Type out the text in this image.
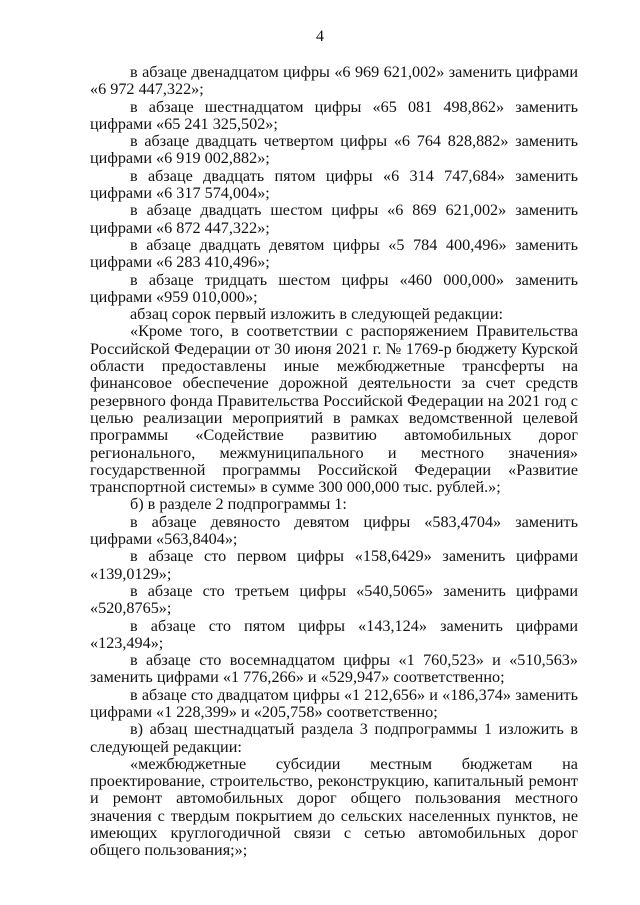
4

в абзаце двенадцатом цифры «6 969 621,002» заменить цифрами «6 972 447,322»;

в абзаце шестнадцатом цифры «65 081 498,862» заменить цифрами «65 241 325,502»;

в абзаце двадцать четвертом цифры «6 764 828,882» заменить цифрами «6 919 002,882»;

в абзаце двадцать пятом цифры «6 314 747,684» заменить цифрами «6 317 574,004»;

в абзаце двадцать шестом цифры «6 869 621,002» заменить цифрами «6 872 447,322»;

в абзаце двадцать девятом цифры «5 784 400,496» заменить цифрами «6 283 410,496»;

в абзаце тридцать шестом цифры «460 000,000» заменить цифрами «959 010,000»;

абзац сорок первый изложить в следующей редакции:

«Кроме того, в соответствии с распоряжением Правительства Российской Федерации от 30 июня 2021 г. № 1769-р бюджету Курской области предоставлены иные межбюджетные трансферты на финансовое обеспечение дорожной деятельности за счет средств резервного фонда Правительства Российской Федерации на 2021 год с целью реализации мероприятий в рамках ведомственной целевой программы «Содействие развитию автомобильных дорог регионального, межмуниципального и местного значения» государственной программы Российской Федерации «Развитие транспортной системы» в сумме 300 000,000 тыс. рублей.»;

б) в разделе 2 подпрограммы 1:

в абзаце девяносто девятом цифры «583,4704» заменить цифрами «563,8404»;

в абзаце сто первом цифры «158,6429» заменить цифрами «139,0129»;

в абзаце сто третьем цифры «540,5065» заменить цифрами «520,8765»;

в абзаце сто пятом цифры «143,124» заменить цифрами «123,494»;

в абзаце сто восемнадцатом цифры «1 760,523» и «510,563» заменить цифрами «1 776,266» и «529,947» соответственно;

в абзаце сто двадцатом цифры «1 212,656» и «186,374» заменить цифрами «1 228,399» и «205,758» соответственно;

в) абзац шестнадцатый раздела 3 подпрограммы 1 изложить в следующей редакции:

«межбюджетные субсидии местным бюджетам на проектирование, строительство, реконструкцию, капитальный ремонт и ремонт автомобильных дорог общего пользования местного значения с твердым покрытием до сельских населенных пунктов, не имеющих круглогодичной связи с сетью автомобильных дорог общего пользования;»;
